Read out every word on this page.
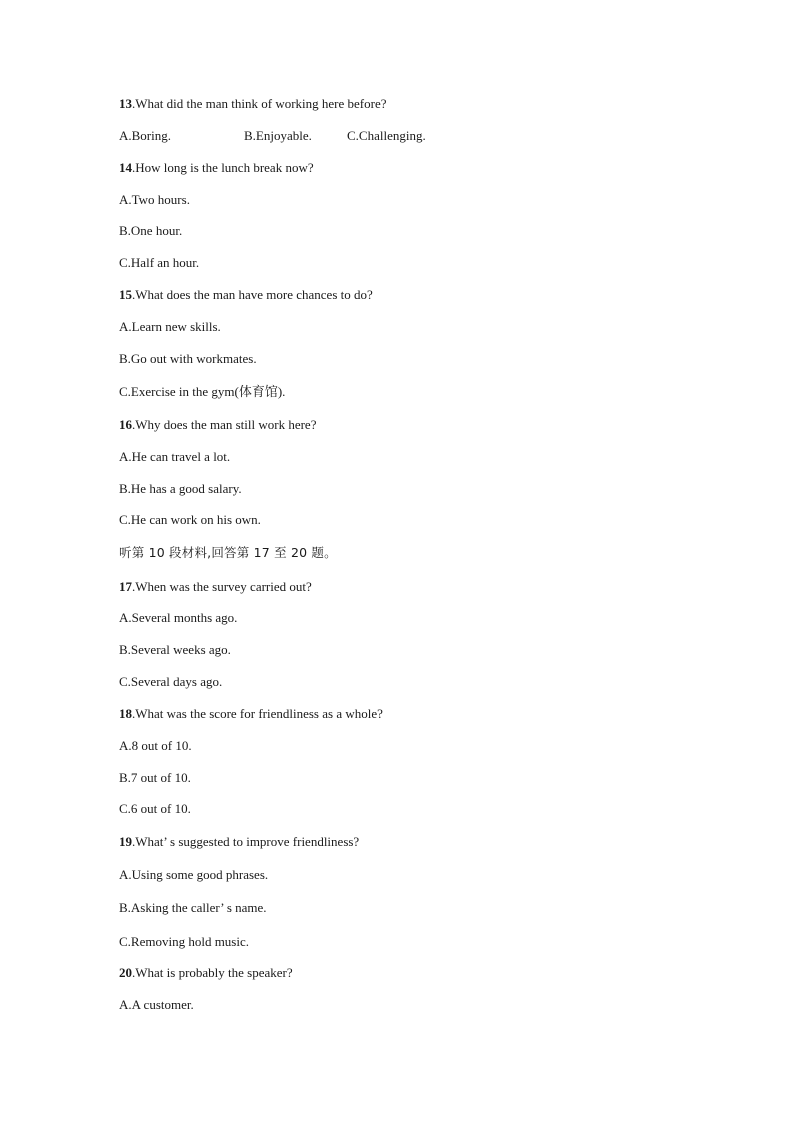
13.What did the man think of working here before?
A.Boring.	B.Enjoyable.	C.Challenging.
14.How long is the lunch break now?
A.Two hours.
B.One hour.
C.Half an hour.
15.What does the man have more chances to do?
A.Learn new skills.
B.Go out with workmates.
C.Exercise in the gym(体育馆).
16.Why does the man still work here?
A.He can travel a lot.
B.He has a good salary.
C.He can work on his own.
听第 10 段材料,回答第 17 至 20 题。
17.When was the survey carried out?
A.Several months ago.
B.Several weeks ago.
C.Several days ago.
18.What was the score for friendliness as a whole?
A.8 out of 10.
B.7 out of 10.
C.6 out of 10.
19.What’ s suggested to improve friendliness?
A.Using some good phrases.
B.Asking the caller’ s name.
C.Removing hold music.
20.What is probably the speaker?
A.A customer.
